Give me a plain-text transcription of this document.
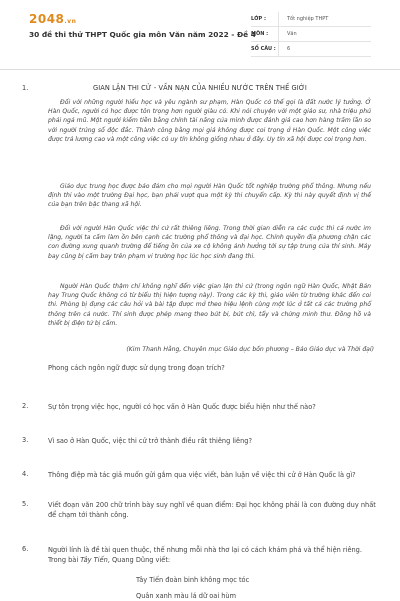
2048.vn
30 đề thi thử THPT Quốc gia môn Văn năm 2022 - Đề 4
LỚP :	Tốt nghiệp THPT
MÔN :	Văn
SỐ CÂU :	6
1.	GIAN LẬN THI CỬ - VẤN NẠN CỦA NHIỀU NƯỚC TRÊN THẾ GIỚI
Đối với những người hiếu học và yêu ngành sư phạm, Hàn Quốc có thể gọi là đất nước lý tưởng. Ở Hàn Quốc, người có học được tôn trọng hơn người giàu có. Khi nói chuyện với một giáo sư, nhà triệu phú phải ngả mũ. Một người kiếm tiền bằng chính tài năng của mình được đánh giá cao hơn hàng trăm lần so với người trúng số độc đắc. Thành công bằng mọi giá không được coi trọng ở Hàn Quốc. Một công việc được trả lương cao và một công việc có uy tín không giống nhau ở đây. Uy tín xã hội được coi trọng hơn.
Giáo dục trung học được bảo đảm cho mọi người Hàn Quốc tốt nghiệp trường phổ thông. Nhưng nếu định thi vào một trường Đại học, bạn phải vượt qua một kỳ thi chuyển cấp. Kỳ thi này quyết định vị thế của bạn trên bậc thang xã hội.
Đối với người Hàn Quốc việc thi cử rất thiêng liêng. Trong thời gian diễn ra các cuộc thi cả nước im lặng, người ta cấm làm ồn bên cạnh các trường phổ thông và đại học. Chính quyền địa phương chặn các con đường xung quanh trường để tiếng ồn của xe cộ không ảnh hưởng tới sự tập trung của thí sinh. Máy bay cũng bị cấm bay trên phạm vi trường học lúc học sinh đang thi.
Người Hàn Quốc thậm chí không nghĩ đến việc gian lận thi cử (trong ngôn ngữ Hàn Quốc, Nhật Bản hay Trung Quốc không có từ biểu thị hiện tượng này). Trong các kỳ thi, giáo viên từ trường khác đến coi thi. Phòng bị đựng các câu hỏi và bài tập được mở theo hiệu lệnh cùng một lúc ở tất cả các trường phổ thông trên cả nước. Thí sinh được phép mang theo bút bi, bút chì, tẩy và chứng minh thư. Đồng hồ và thiết bị điện tử bị cấm.
(Kim Thanh Hằng, Chuyên mục Giáo dục bốn phương – Báo Giáo dục và Thời đại)
Phong cách ngôn ngữ được sử dụng trong đoạn trích?
2.	Sự tôn trọng việc học, người có học vấn ở Hàn Quốc được biểu hiện như thế nào?
3.	Vì sao ở Hàn Quốc, việc thi cử trở thành điều rất thiêng liêng?
4.	Thông điệp mà tác giả muốn gửi gắm qua việc viết, bàn luận về việc thi cử ở Hàn Quốc là gì?
5.	Viết đoạn văn 200 chữ trình bày suy nghĩ về quan điểm: Đại học không phải là con đường duy nhất để chạm tới thành công.
6.	Người lính là đề tài quen thuộc, thế nhưng mỗi nhà thơ lại có cách khám phá và thể hiện riêng. Trong bài Tây Tiến, Quang Dũng viết:
Tây Tiến đoàn binh không mọc tóc
Quân xanh màu lá dữ oai hùm
